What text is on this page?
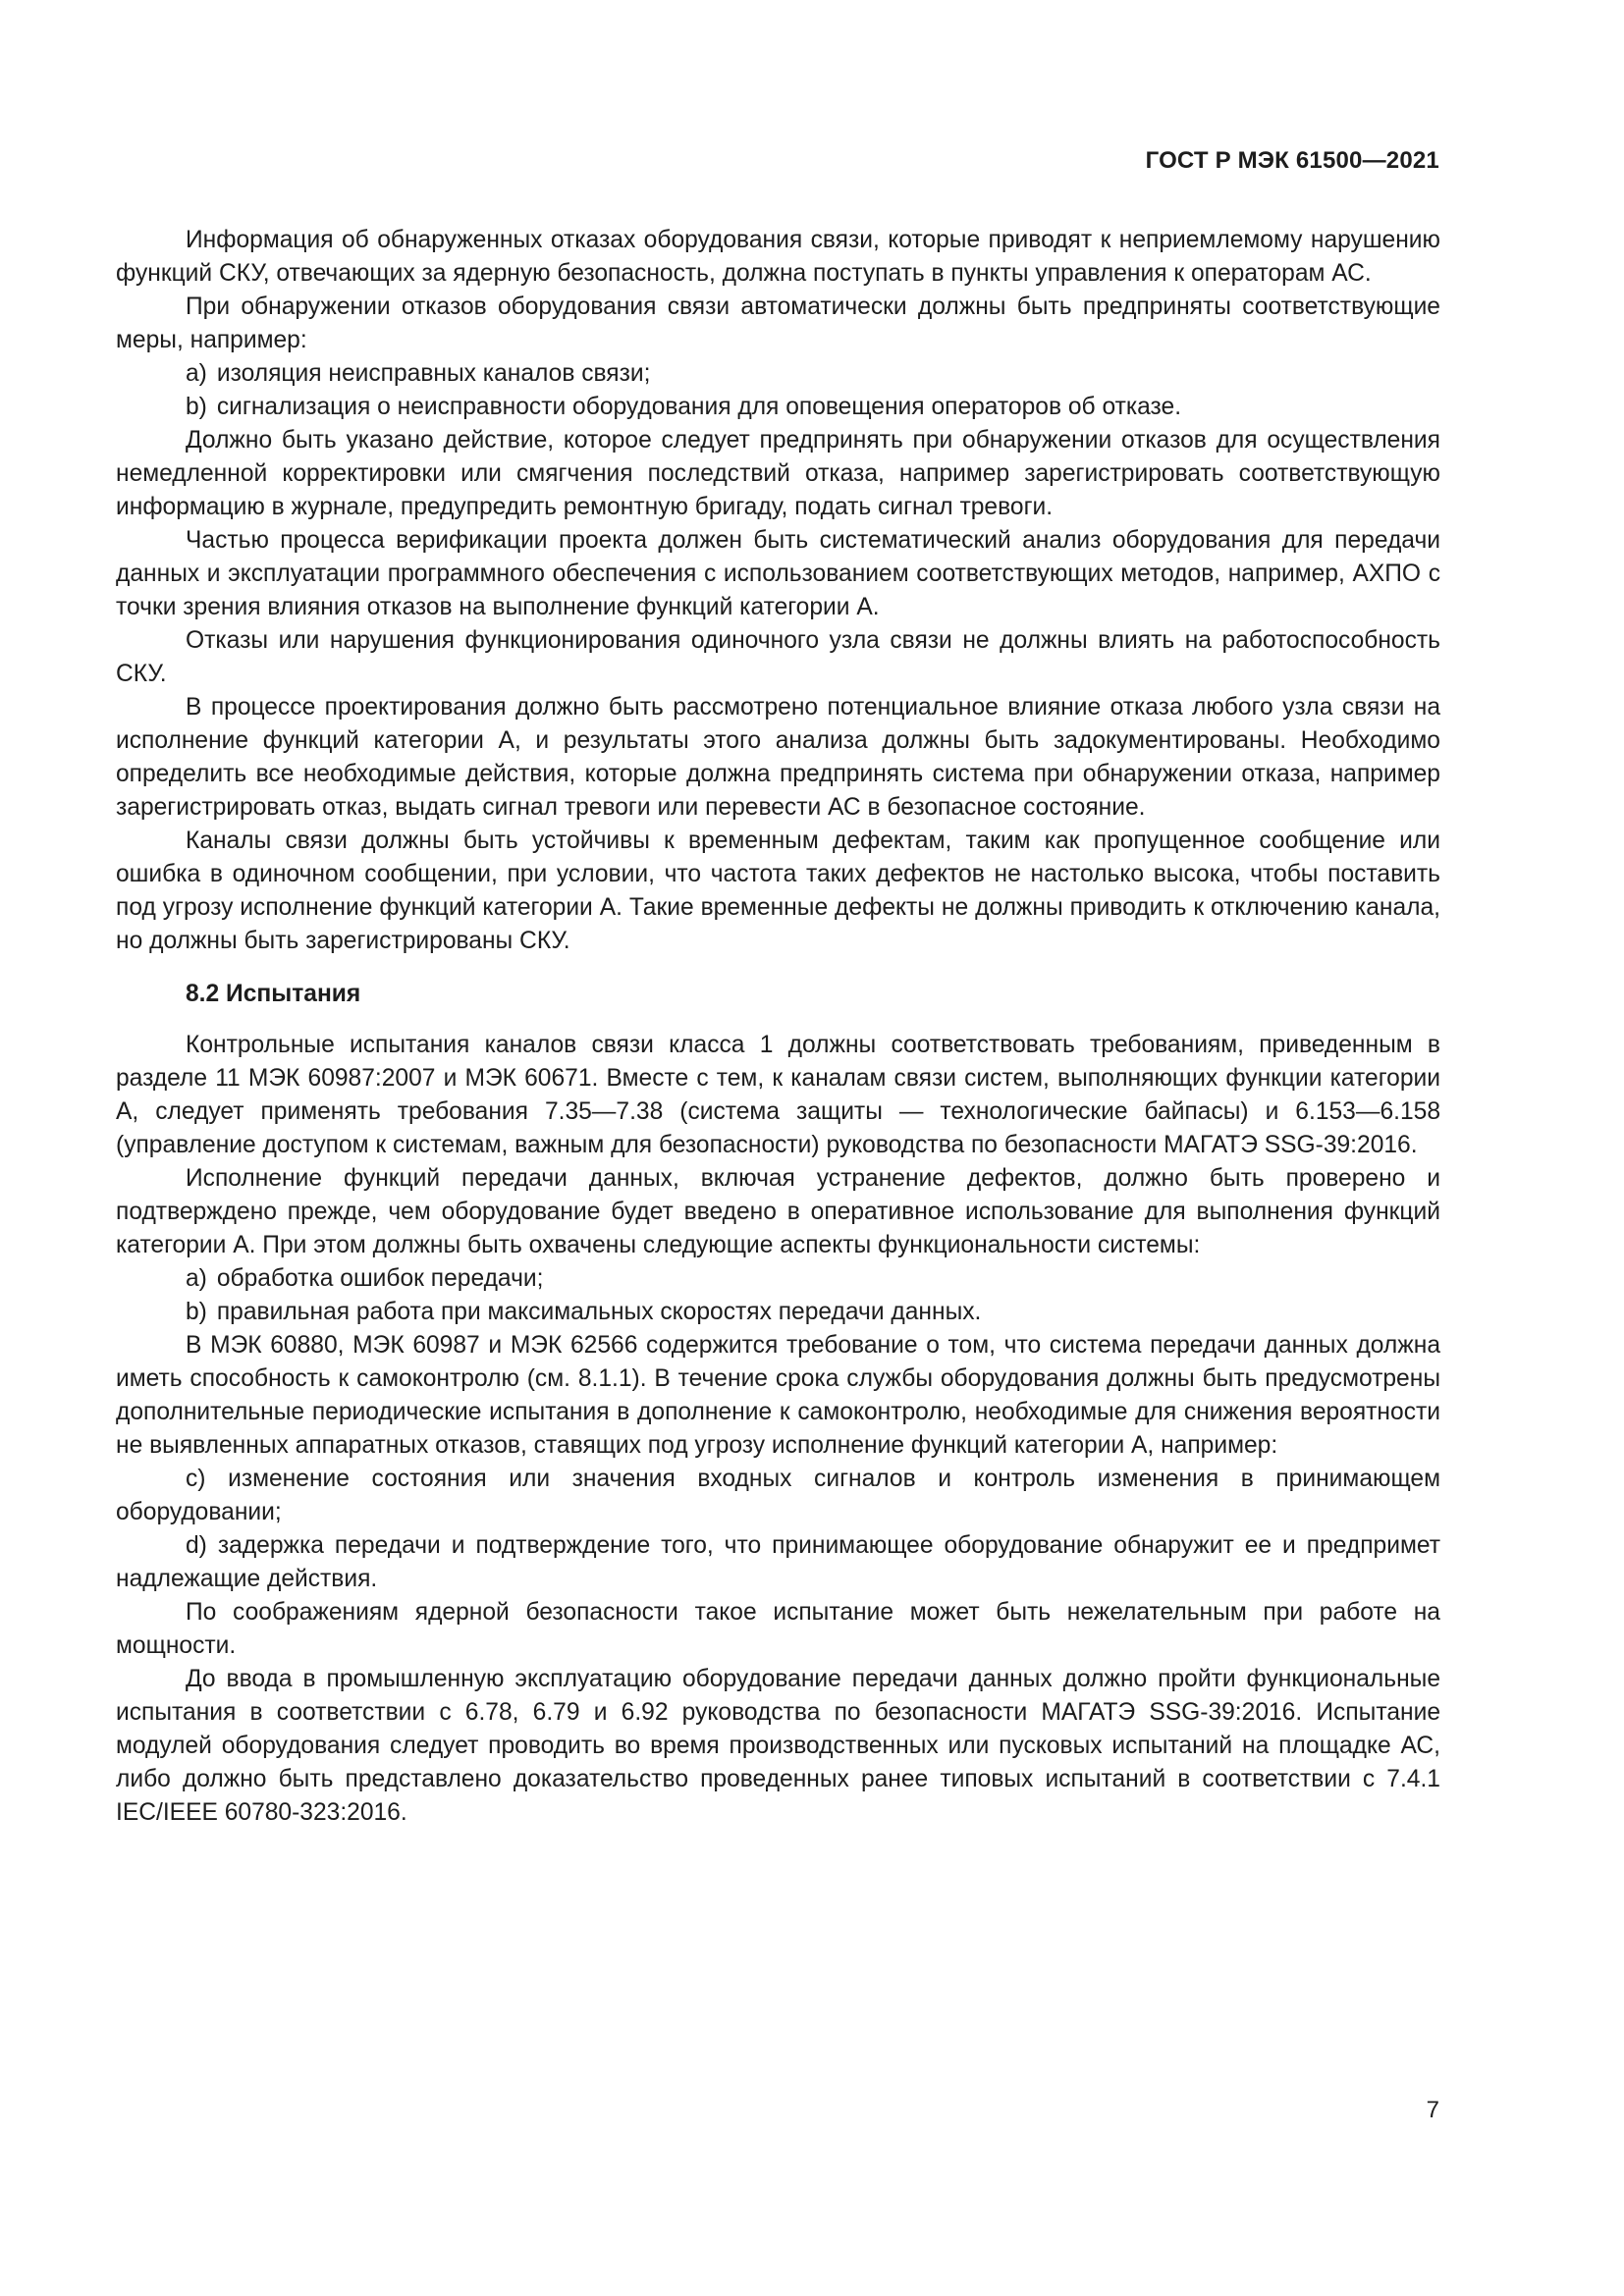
ГОСТ Р МЭК 61500—2021
Информация об обнаруженных отказах оборудования связи, которые приводят к неприемлемому нарушению функций СКУ, отвечающих за ядерную безопасность, должна поступать в пункты управления к операторам АС.
При обнаружении отказов оборудования связи автоматически должны быть предприняты соответствующие меры, например:
a) изоляция неисправных каналов связи;
b) сигнализация о неисправности оборудования для оповещения операторов об отказе.
Должно быть указано действие, которое следует предпринять при обнаружении отказов для осуществления немедленной корректировки или смягчения последствий отказа, например зарегистрировать соответствующую информацию в журнале, предупредить ремонтную бригаду, подать сигнал тревоги.
Частью процесса верификации проекта должен быть систематический анализ оборудования для передачи данных и эксплуатации программного обеспечения с использованием соответствующих методов, например, АХПО с точки зрения влияния отказов на выполнение функций категории А.
Отказы или нарушения функционирования одиночного узла связи не должны влиять на работоспособность СКУ.
В процессе проектирования должно быть рассмотрено потенциальное влияние отказа любого узла связи на исполнение функций категории А, и результаты этого анализа должны быть задокументированы. Необходимо определить все необходимые действия, которые должна предпринять система при обнаружении отказа, например зарегистрировать отказ, выдать сигнал тревоги или перевести АС в безопасное состояние.
Каналы связи должны быть устойчивы к временным дефектам, таким как пропущенное сообщение или ошибка в одиночном сообщении, при условии, что частота таких дефектов не настолько высока, чтобы поставить под угрозу исполнение функций категории А. Такие временные дефекты не должны приводить к отключению канала, но должны быть зарегистрированы СКУ.
8.2 Испытания
Контрольные испытания каналов связи класса 1 должны соответствовать требованиям, приведенным в разделе 11 МЭК 60987:2007 и МЭК 60671. Вместе с тем, к каналам связи систем, выполняющих функции категории А, следует применять требования 7.35—7.38 (система защиты — технологические байпасы) и 6.153—6.158 (управление доступом к системам, важным для безопасности) руководства по безопасности МАГАТЭ SSG-39:2016.
Исполнение функций передачи данных, включая устранение дефектов, должно быть проверено и подтверждено прежде, чем оборудование будет введено в оперативное использование для выполнения функций категории А. При этом должны быть охвачены следующие аспекты функциональности системы:
a) обработка ошибок передачи;
b) правильная работа при максимальных скоростях передачи данных.
В МЭК 60880, МЭК 60987 и МЭК 62566 содержится требование о том, что система передачи данных должна иметь способность к самоконтролю (см. 8.1.1). В течение срока службы оборудования должны быть предусмотрены дополнительные периодические испытания в дополнение к самоконтролю, необходимые для снижения вероятности не выявленных аппаратных отказов, ставящих под угрозу исполнение функций категории А, например:
c) изменение состояния или значения входных сигналов и контроль изменения в принимающем оборудовании;
d) задержка передачи и подтверждение того, что принимающее оборудование обнаружит ее и предпримет надлежащие действия.
По соображениям ядерной безопасности такое испытание может быть нежелательным при работе на мощности.
До ввода в промышленную эксплуатацию оборудование передачи данных должно пройти функциональные испытания в соответствии с 6.78, 6.79 и 6.92 руководства по безопасности МАГАТЭ SSG-39:2016. Испытание модулей оборудования следует проводить во время производственных или пусковых испытаний на площадке АС, либо должно быть представлено доказательство проведенных ранее типовых испытаний в соответствии с 7.4.1 IEC/IEEE 60780-323:2016.
7
